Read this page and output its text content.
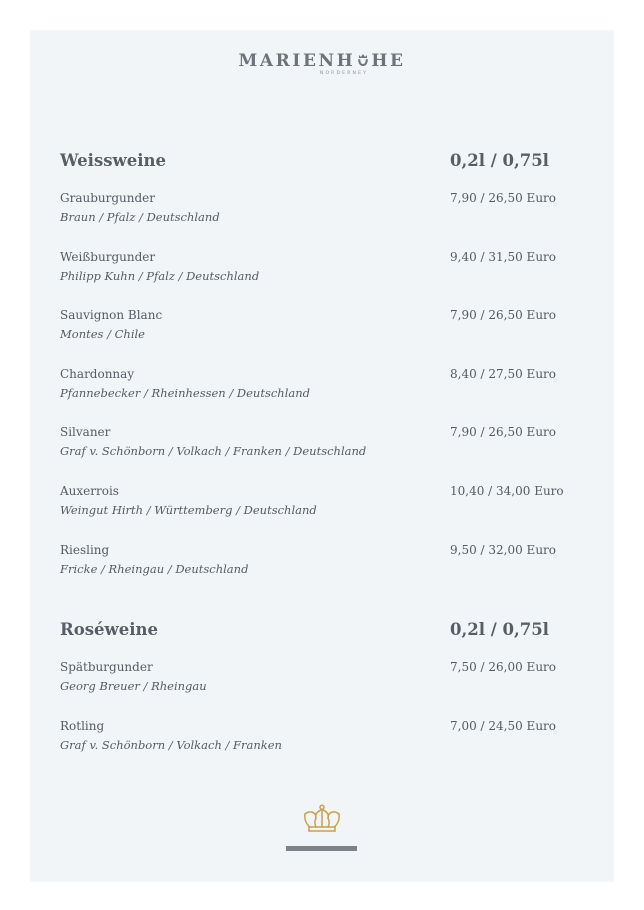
MARIENH HE
NORDERNEY
Weissweine	0,2l / 0,75l
Grauburgunder
Braun / Pfalz / Deutschland
7,90 / 26,50 Euro
Weißburgunder
Philipp Kuhn / Pfalz / Deutschland
9,40 / 31,50 Euro
Sauvignon Blanc
Montes / Chile
7,90 / 26,50 Euro
Chardonnay
Pfannebecker / Rheinhessen / Deutschland
8,40 / 27,50 Euro
Silvaner
Graf v. Schönborn / Volkach / Franken / Deutschland
7,90 / 26,50 Euro
Auxerrois
Weingut Hirth / Württemberg / Deutschland
10,40 / 34,00 Euro
Riesling
Fricke / Rheingau / Deutschland
9,50 / 32,00 Euro
Roséweine	0,2l / 0,75l
Spätburgunder
Georg Breuer / Rheingau
7,50 / 26,00 Euro
Rotling
Graf v. Schönborn / Volkach / Franken
7,00 / 24,50 Euro
